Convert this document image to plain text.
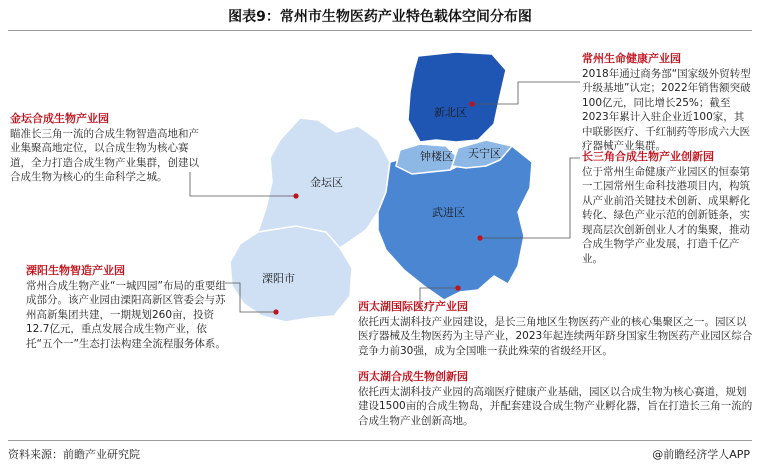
图表9：常州市生物医药产业特色载体空间分布图
新北区
钟楼区 天宁区
武进区
金坛区
溧阳市
金坛合成生物产业园
瞄准长三角一流的合成生物智造高地和产业集聚高地定位，以合成生物为核心赛道，全力打造合成生物产业集群，创建以合成生物为核心的生命科学之城。
溧阳生物智造产业园
常州合成生物产业“一城四园”布局的重要组成部分。该产业园由溧阳高新区管委会与苏州高新集团共建，一期规划260亩，投资12.7亿元，重点发展合成生物产业，依托“五个一”生态打法构建全流程服务体系。
常州生命健康产业园
2018年通过商务部“国家级外贸转型升级基地”认定；2022年销售额突破100亿元，同比增长25%；截至2023年累计入驻企业近100家，其中联影医疗、千红制药等形成六大医疗器械产业集群。
长三角合成生物产业创新园
位于常州生命健康产业园区的恒泰第一工园常州生命科技港项目内，构筑从产业前沿关键技术创新、成果孵化转化、绿色产业示范的创新链条，实现高层次创新创业人才的集聚，推动合成生物学产业发展，打造千亿产业。
西太湖国际医疗产业园
依托西太湖科技产业园建设，是长三角地区生物医药产业的核心集聚区之一。园区以医疗器械及生物医药为主导产业，2023年起连续两年跻身国家生物医药产业园区综合竞争力前30强，成为全国唯一获此殊荣的省级经开区。
西太湖合成生物创新园
依托西太湖科技产业园的高端医疗健康产业基础，园区以合成生物为核心赛道，规划建设1500亩的合成生物岛，并配套建设合成生物产业孵化器，旨在打造长三角一流的合成生物产业创新高地。
资料来源：前瞻产业研究院	@前瞻经济学人APP
